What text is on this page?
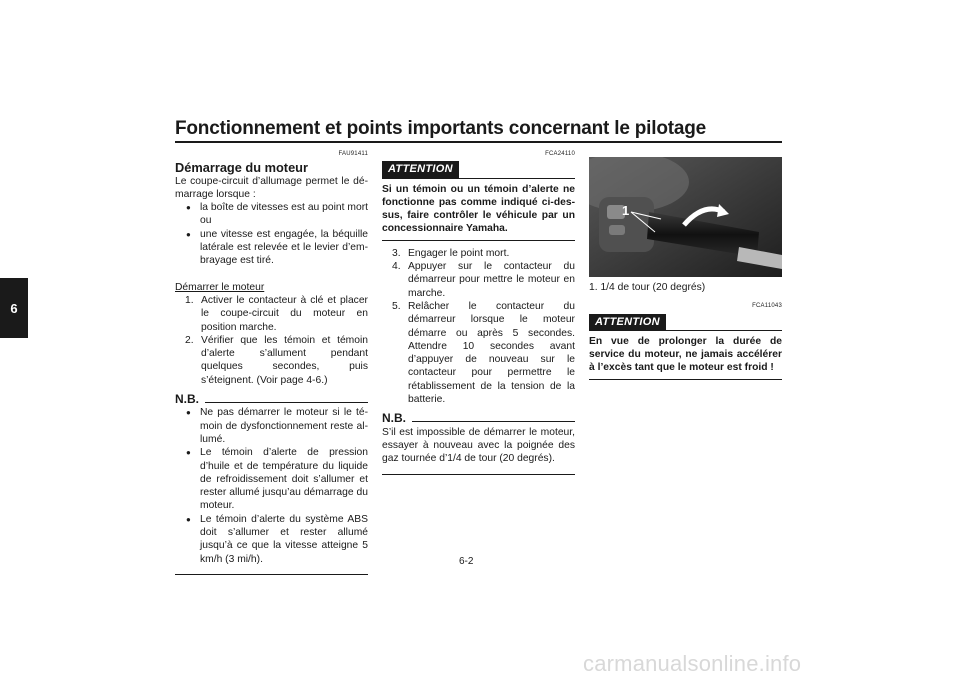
Fonctionnement et points importants concernant le pilotage
6
FAU91411
Démarrage du moteur
Le coupe-circuit d’allumage permet le démarrage lorsque :
● la boîte de vitesses est au point mort ou
● une vitesse est engagée, la béquille latérale est relevée et le levier d’embrayage est tiré.
Démarrer le moteur
1. Activer le contacteur à clé et placer le coupe-circuit du moteur en position marche.
2. Vérifier que les témoin et témoin d’alerte s’allument pendant quelques secondes, puis s’éteignent. (Voir page 4-6.)
N.B.
● Ne pas démarrer le moteur si le témoin de dysfonctionnement reste allumé.
● Le témoin d’alerte de pression d’huile et de température du liquide de refroidissement doit s’allumer et rester allumé jusqu’au démarrage du moteur.
● Le témoin d’alerte du système ABS doit s’allumer et rester allumé jusqu’à ce que la vitesse atteigne 5 km/h (3 mi/h).
FCA24110
ATTENTION
Si un témoin ou un témoin d’alerte ne fonctionne pas comme indiqué ci-dessus, faire contrôler le véhicule par un concessionnaire Yamaha.
3. Engager le point mort.
4. Appuyer sur le contacteur du démarreur pour mettre le moteur en marche.
5. Relâcher le contacteur du démarreur lorsque le moteur démarre ou après 5 secondes. Attendre 10 secondes avant d’appuyer de nouveau sur le contacteur pour permettre le rétablissement de la tension de la batterie.
N.B.
S’il est impossible de démarrer le moteur, essayer à nouveau avec la poignée des gaz tournée d’1/4 de tour (20 degrés).
1
1. 1/4 de tour (20 degrés)
FCA11043
ATTENTION
En vue de prolonger la durée de service du moteur, ne jamais accélérer à l’excès tant que le moteur est froid !
6-2
carmanualsonline.info
